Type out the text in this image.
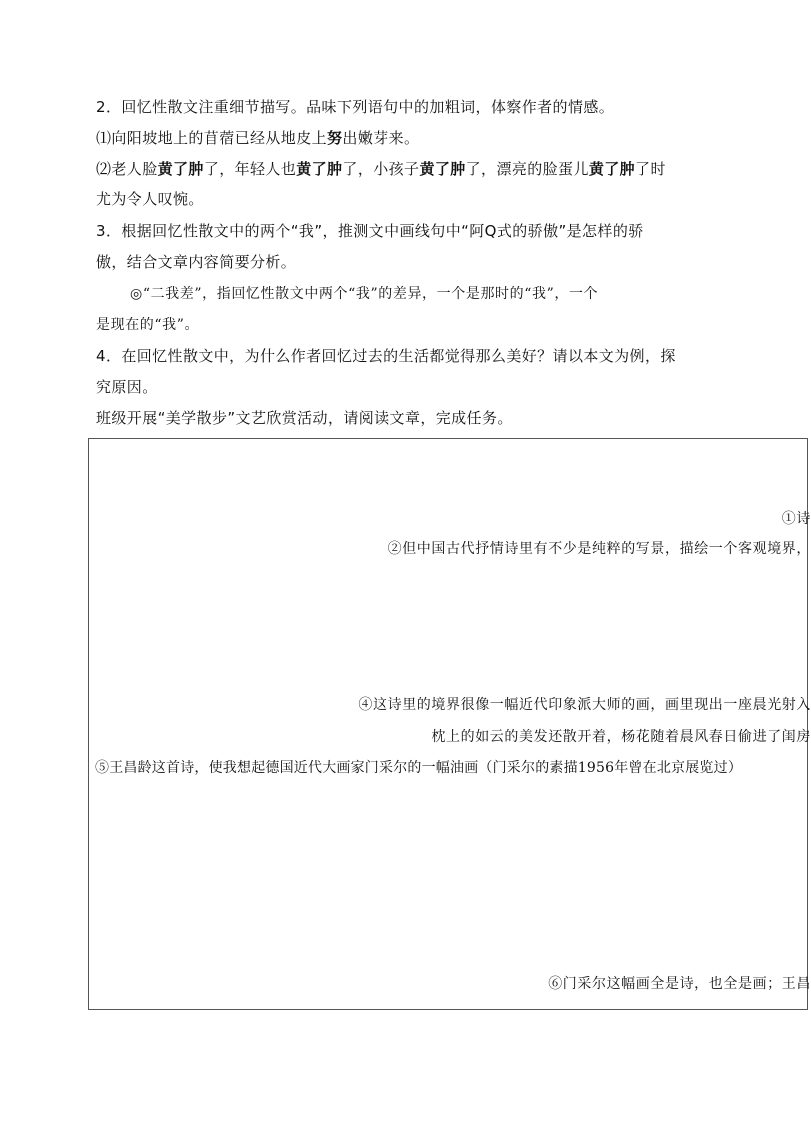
2．回忆性散文注重细节描写。品味下列语句中的加粗词，体察作者的情感。
⑴向阳坡地上的苜蓿已经从地皮上努出嫩芽来。
⑵老人脸黄了肿了，年轻人也黄了肿了，小孩子黄了肿了，漂亮的脸蛋儿黄了肿了时
尤为令人叹惋。
3．根据回忆性散文中的两个“我”，推测文中画线句中“阿Q式的骄傲”是怎样的骄
傲，结合文章内容简要分析。
◎“二我差”，指回忆性散文中两个“我”的差异，一个是那时的“我”，一个
是现在的“我”。
4．在回忆性散文中，为什么作者回忆过去的生活都觉得那么美好？请以本文为例，探
究原因。
班级开展“美学散步”文艺欣赏活动，请阅读文章，完成任务。
①诗
②但中国古代抒情诗里有不少是纯粹的写景，描绘一个客观境界，
④这诗里的境界很像一幅近代印象派大师的画，画里现出一座晨光射入
枕上的如云的美发还散开着，杨花随着晨风春日偷进了闺房
⑤王昌龄这首诗，使我想起德国近代大画家门采尔的一幅油画（门采尔的素描1956年曾在北京展览过）
⑥门采尔这幅画全是诗，也全是画；王昌
